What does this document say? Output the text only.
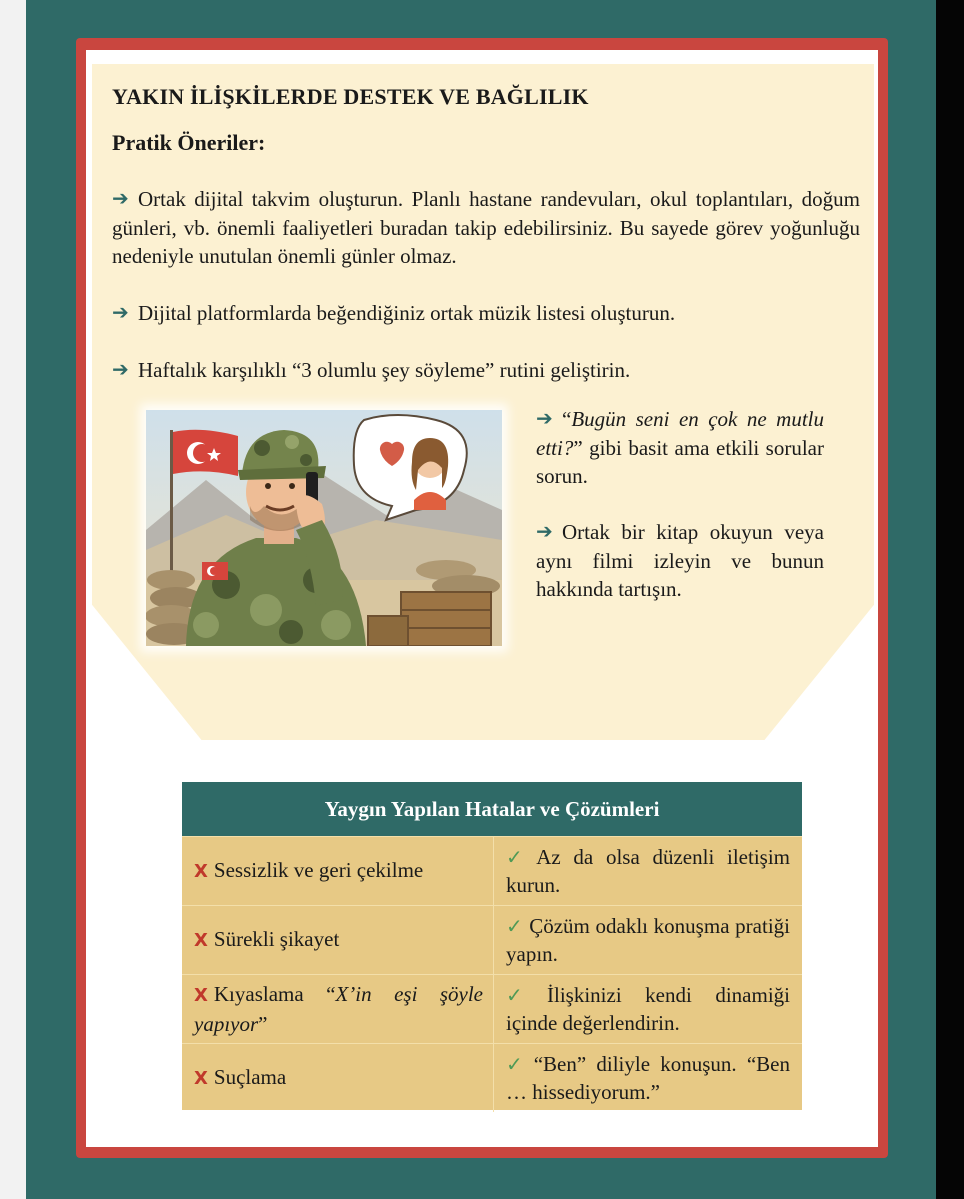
YAKIN İLİŞKİLERDE DESTEK VE BAĞLILIK
Pratik Öneriler:
➔ Ortak dijital takvim oluşturun. Planlı hastane randevuları, okul toplantıları, doğum günleri, vb. önemli faaliyetleri buradan takip edebilirsiniz. Bu sayede görev yoğunluğu nedeniyle unutulan önemli günler olmaz.
➔ Dijital platformlarda beğendiğiniz ortak müzik listesi oluşturun.
➔ Haftalık karşılıklı “3 olumlu şey söyleme” rutini geliştirin.
➔ “Bugün seni en çok ne mutlu etti?” gibi basit ama etkili sorular sorun.
➔ Ortak bir kitap okuyun veya aynı filmi izleyin ve bunun hakkında tartışın.
Yaygın Yapılan Hatalar ve Çözümleri
X Sessizlik ve geri çekilme
✓ Az da olsa düzenli iletişim kurun.
X Sürekli şikayet
✓ Çözüm odaklı konuşma pratiği yapın.
X Kıyaslama “X’in eşi şöyle yapıyor”
✓ İlişkinizi kendi dinamiği içinde değerlendirin.
X Suçlama
✓ “Ben” diliyle konuşun. “Ben … hissediyorum.”
